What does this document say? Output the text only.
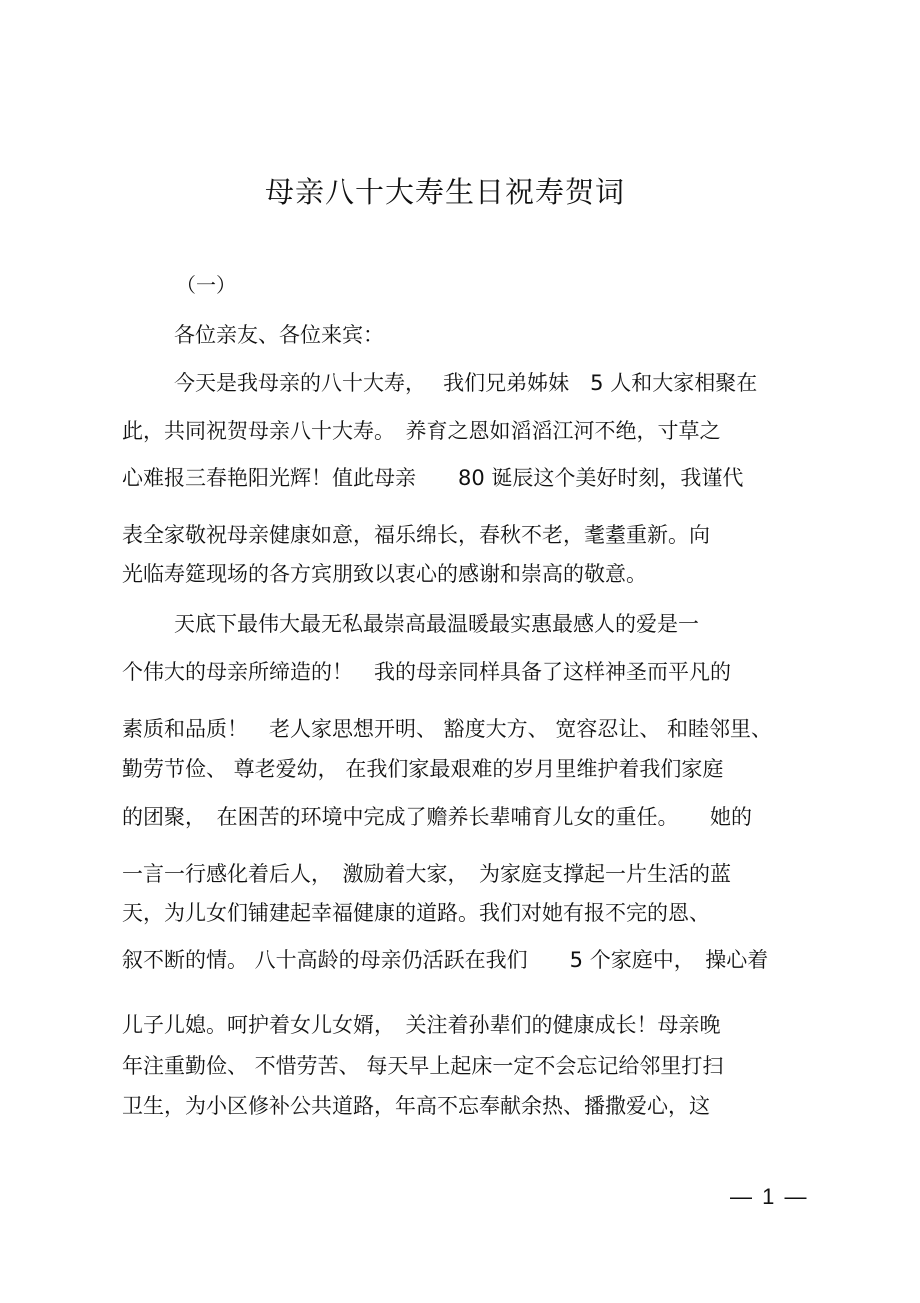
母亲八十大寿生日祝寿贺词
（一）
各位亲友、各位来宾：
今天是我母亲的八十大寿，　 我们兄弟姊妹　5 人和大家相聚在
此，共同祝贺母亲八十大寿。　养育之恩如滔滔江河不绝，寸草之
心难报三春艳阳光辉！值此母亲　　80 诞辰这个美好时刻，我谨代
表全家敬祝母亲健康如意，福乐绵长，春秋不老，耄耋重新。向
光临寿筵现场的各方宾朋致以衷心的感谢和崇高的敬意。
天底下最伟大最无私最崇高最温暖最实惠最感人的爱是一
个伟大的母亲所缔造的！　我的母亲同样具备了这样神圣而平凡的
素质和品质！　老人家思想开明、 豁度大方、 宽容忍让、 和睦邻里、
勤劳节俭、 尊老爱幼， 在我们家最艰难的岁月里维护着我们家庭
的团聚，　在困苦的环境中完成了赡养长辈哺育儿女的重任。　　她的
一言一行感化着后人，　激励着大家，　为家庭支撑起一片生活的蓝
天，为儿女们铺建起幸福健康的道路。我们对她有报不完的恩、
叙不断的情。 八十高龄的母亲仍活跃在我们　　5 个家庭中，　操心着
儿子儿媳。呵护着女儿女婿，　关注着孙辈们的健康成长！母亲晚
年注重勤俭、 不惜劳苦、 每天早上起床一定不会忘记给邻里打扫
卫生，为小区修补公共道路，年高不忘奉献余热、播撒爱心，这
— 1 —
